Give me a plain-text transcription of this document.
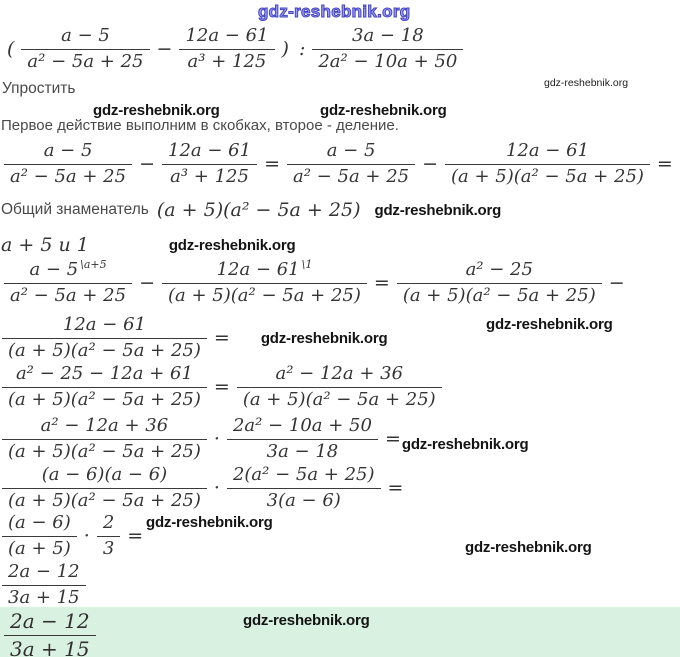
gdz-reshebnik.org
( $\frac{a - 5}{\text{a² − 5a + 25}} - \frac{12a - 61}{\text{a³ + 125}}$ ) : $\frac{3a - 18}{\text{2a² − 10a + 50}}$
Упростить	gdz-reshebnik.org
gdz-reshebnik.org	gdz-reshebnik.org
Первое действие выполним в скобках, второе - деление.
$\frac{a - 5}{\text{a² − 5a + 25}} - \frac{12a - 61}{\text{a³ + 125}} = \frac{a - 5}{\text{a² − 5a + 25}} - \frac{12a - 61}{\text{(a + 5)(a² − 5a + 25)}}$ =
Общий знаменатель (a + 5)(a² − 5a + 25) gdz-reshebnik.org
a + 5 и 1	gdz-reshebnik.org
$\frac{a - 5 ^{\backslash a+5}}{\text{a² − 5a + 25}} - \frac{12a - 61 ^{\backslash 1}}{\text{(a + 5)(a² − 5a + 25)}} = \frac{\text{a² − 25}}{\text{(a + 5)(a² − 5a + 25)}}$ −
$\frac{12a - 61}{\text{(a + 5)(a² − 5a + 25)}}$ = gdz-reshebnik.org
gdz-reshebnik.org
$\frac{\text{a² − 25 − 12a + 61}}{\text{(a + 5)(a² − 5a + 25)}} = \frac{\text{a² − 12a + 36}}{\text{(a + 5)(a² − 5a + 25)}}$
$\frac{\text{a² − 12a + 36}}{\text{(a + 5)(a² − 5a + 25)}} \cdot \frac{\text{2a² − 10a + 50}}{3a - 18}$ = gdz-reshebnik.org
$\frac{(a - 6)(a - 6)}{\text{(a + 5)(a² − 5a + 25)}} \cdot \frac{\text{2(a² − 5a + 25)}}{3(a - 6)}$ =
$\frac{(a - 6)}{(a + 5)} \cdot \frac{2}{3}$ =
gdz-reshebnik.org
gdz-reshebnik.org
$\frac{2a - 12}{3a + 15}$
$\frac{2a - 12}{3a + 15}$	gdz-reshebnik.org
